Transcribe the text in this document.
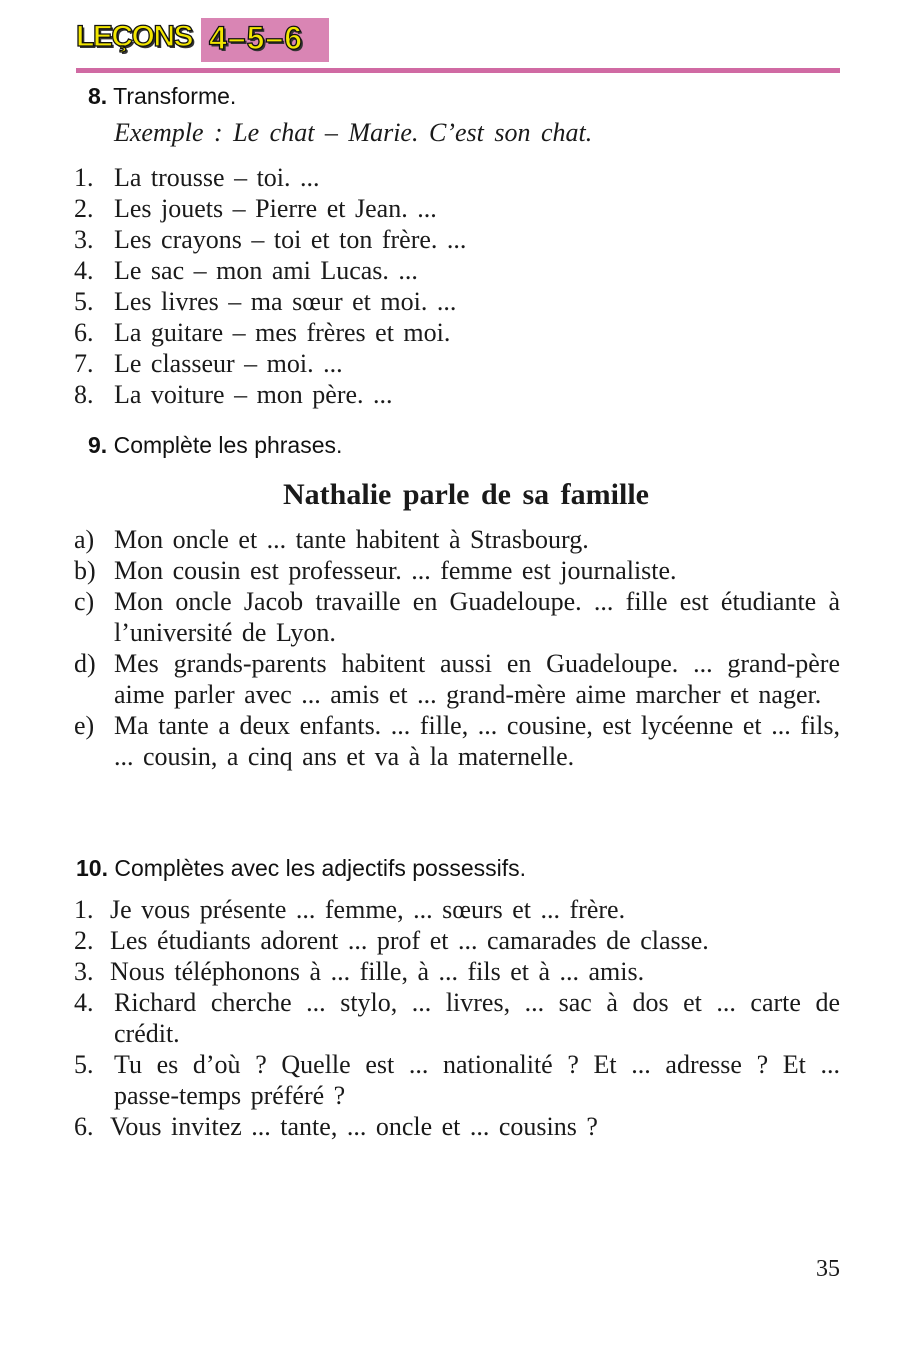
LEÇONS 4–5–6
8. Transforme.
Exemple : Le chat – Marie. C’est son chat.
1. La trousse – toi. ...
2. Les jouets – Pierre et Jean. ...
3. Les crayons – toi et ton frère. ...
4. Le sac – mon ami Lucas. ...
5. Les livres – ma sœur et moi. ...
6. La guitare – mes frères et moi.
7. Le classeur – moi. ...
8. La voiture – mon père. ...
9. Complète les phrases.
Nathalie parle de sa famille
a) Mon oncle et ... tante habitent à Strasbourg.
b) Mon cousin est professeur. ... femme est journaliste.
c) Mon oncle Jacob travaille en Guadeloupe. ... fille est étudiante à l’université de Lyon.
d) Mes grands-parents habitent aussi en Guadeloupe. ... grand-père aime parler avec ... amis et ... grand-mère aime marcher et nager.
e) Ma tante a deux enfants. ... fille, ... cousine, est lycéenne et ... fils, ... cousin, a cinq ans et va à la maternelle.
10. Complètes avec les adjectifs possessifs.
1. Je vous présente ... femme, ... sœurs et ... frère.
2. Les étudiants adorent ... prof et ... camarades de classe.
3. Nous téléphonons à ... fille, à ... fils et à ... amis.
4. Richard cherche ... stylo, ... livres, ... sac à dos et ... carte de crédit.
5. Tu es d’où ? Quelle est ... nationalité ? Et ... adresse ? Et ... passe-temps préféré ?
6. Vous invitez ... tante, ... oncle et ... cousins ?
35
